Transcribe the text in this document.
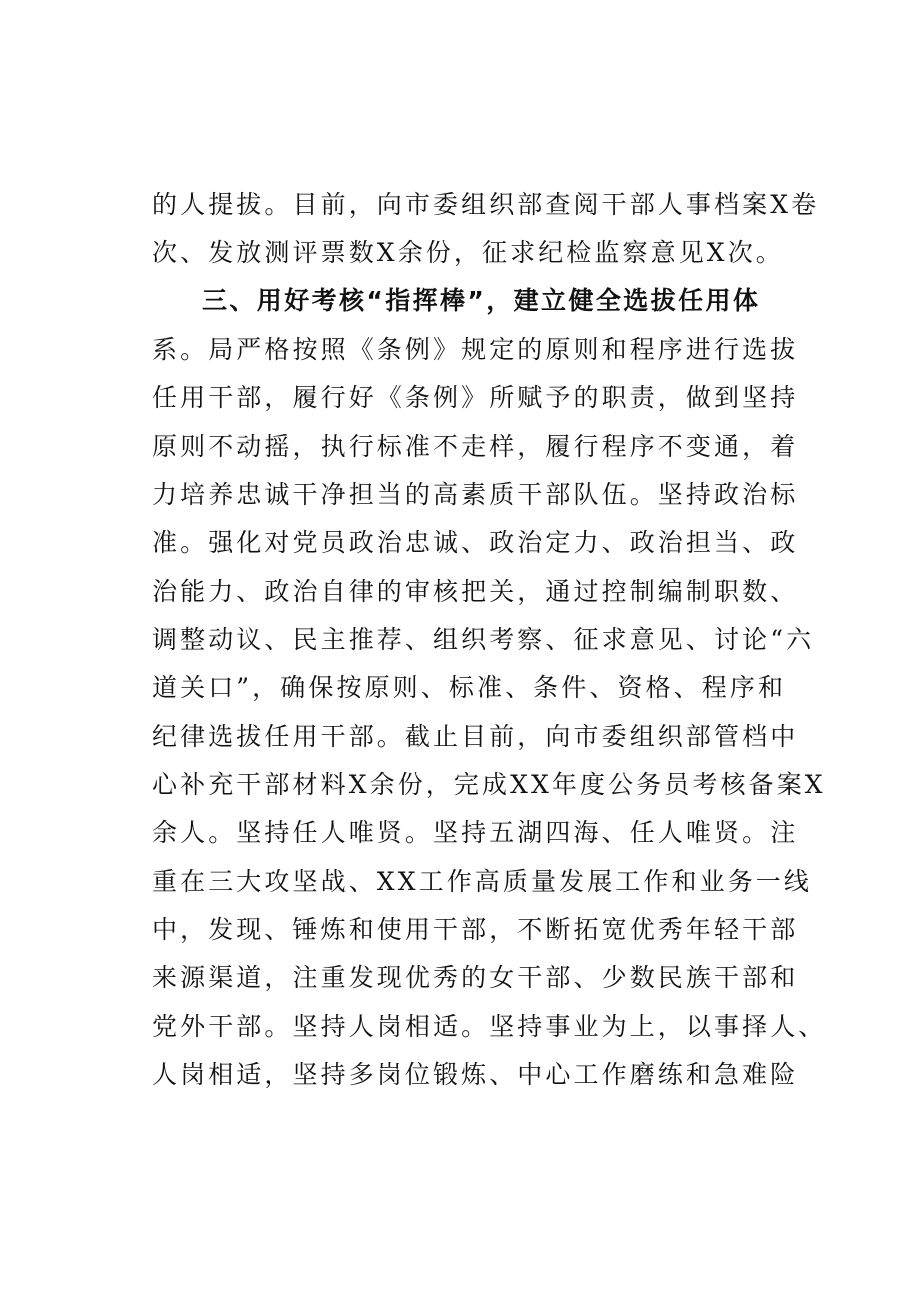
的人提拔。目前，向市委组织部查阅干部人事档案X卷
次、发放测评票数X余份，征求纪检监察意见X次。
三、用好考核“指挥棒”，建立健全选拔任用体
系。局严格按照《条例》规定的原则和程序进行选拔
任用干部，履行好《条例》所赋予的职责，做到坚持
原则不动摇，执行标准不走样，履行程序不变通，着
力培养忠诚干净担当的高素质干部队伍。坚持政治标
准。强化对党员政治忠诚、政治定力、政治担当、政
治能力、政治自律的审核把关，通过控制编制职数、
调整动议、民主推荐、组织考察、征求意见、讨论“六
道关口”，确保按原则、标准、条件、资格、程序和
纪律选拔任用干部。截止目前，向市委组织部管档中
心补充干部材料X余份，完成XX年度公务员考核备案X
余人。坚持任人唯贤。坚持五湖四海、任人唯贤。注
重在三大攻坚战、XX工作高质量发展工作和业务一线
中，发现、锤炼和使用干部，不断拓宽优秀年轻干部
来源渠道，注重发现优秀的女干部、少数民族干部和
党外干部。坚持人岗相适。坚持事业为上，以事择人、
人岗相适，坚持多岗位锻炼、中心工作磨练和急难险
